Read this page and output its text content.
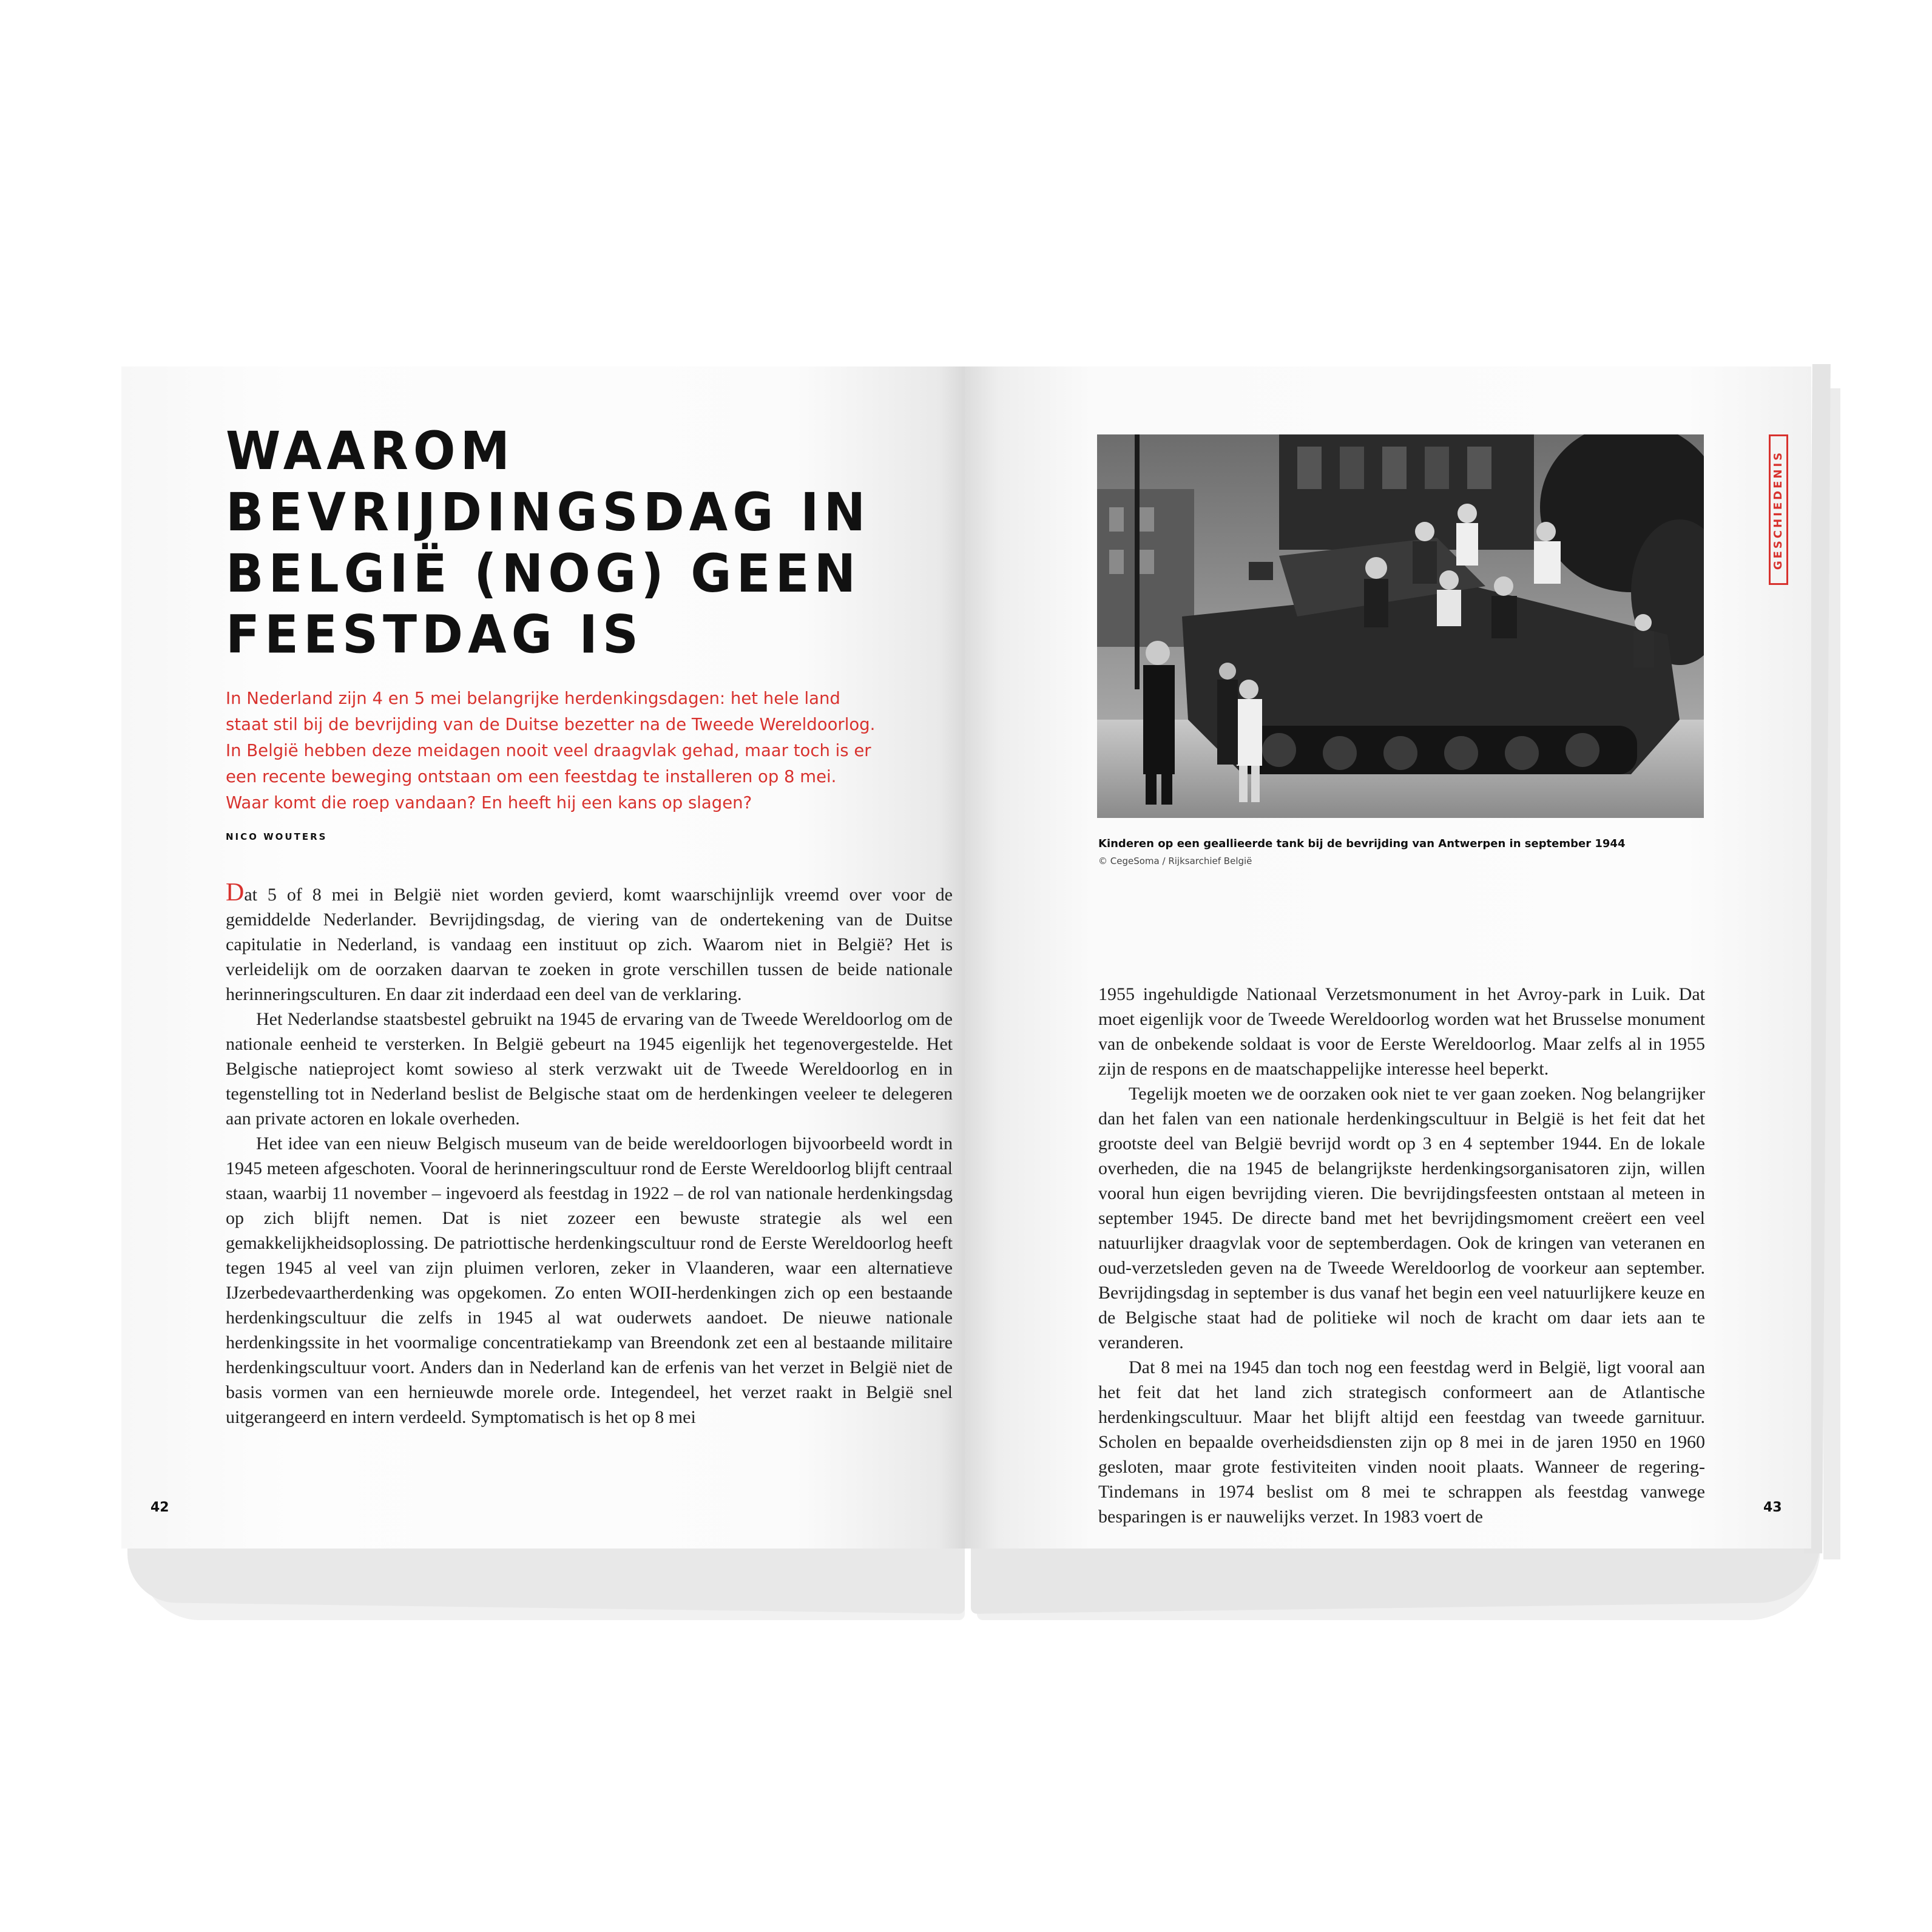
WAAROM
BEVRIJDINGSDAG IN
BELGIË (NOG) GEEN
FEESTDAG IS
In Nederland zijn 4 en 5 mei belangrijke herdenkingsdagen: het hele land
staat stil bij de bevrijding van de Duitse bezetter na de Tweede Wereldoorlog.
In België hebben deze meidagen nooit veel draagvlak gehad, maar toch is er
een recente beweging ontstaan om een feestdag te installeren op 8 mei.
Waar komt die roep vandaan? En heeft hij een kans op slagen?
NICO WOUTERS

Dat 5 of 8 mei in België niet worden gevierd, komt waarschijnlijk vreemd over voor de gemiddelde Nederlander. Bevrijdingsdag, de viering van de ondertekening van de Duitse capitulatie in Nederland, is vandaag een instituut op zich. Waarom niet in België? Het is verleidelijk om de oorzaken daarvan te zoeken in grote verschillen tussen de beide nationale herinneringsculturen. En daar zit inderdaad een deel van de verklaring.

Het Nederlandse staatsbestel gebruikt na 1945 de ervaring van de Tweede Wereldoorlog om de nationale eenheid te versterken. In België gebeurt na 1945 eigenlijk het tegenovergestelde. Het Belgische natieproject komt sowieso al sterk verzwakt uit de Tweede Wereldoorlog en in tegenstelling tot in Nederland beslist de Belgische staat om de herdenkingen veeleer te delegeren aan private actoren en lokale overheden.

Het idee van een nieuw Belgisch museum van de beide wereldoorlogen bijvoorbeeld wordt in 1945 meteen afgeschoten. Vooral de herinneringscultuur rond de Eerste Wereldoorlog blijft centraal staan, waarbij 11 november – ingevoerd als feestdag in 1922 – de rol van nationale herdenkingsdag op zich blijft nemen. Dat is niet zozeer een bewuste strategie als wel een gemakkelijkheidsoplossing. De patriottische herdenkingscultuur rond de Eerste Wereldoorlog heeft tegen 1945 al veel van zijn pluimen verloren, zeker in Vlaanderen, waar een alternatieve IJzerbedevaartherdenking was opgekomen. Zo enten WOII-herdenkingen zich op een bestaande herdenkingscultuur die zelfs in 1945 al wat ouderwets aandoet. De nieuwe nationale herdenkingssite in het voormalige concentratiekamp van Breendonk zet een al bestaande militaire herdenkingscultuur voort. Anders dan in Nederland kan de erfenis van het verzet in België niet de basis vormen van een hernieuwde morele orde. Integendeel, het verzet raakt in België snel uitgerangeerd en intern verdeeld. Symptomatisch is het op 8 mei

42
GESCHIEDENIS
Kinderen op een geallieerde tank bij de bevrijding van Antwerpen in september 1944
© CegeSoma / Rijksarchief België

1955 ingehuldigde Nationaal Verzetsmonument in het Avroy-park in Luik. Dat moet eigenlijk voor de Tweede Wereldoorlog worden wat het Brusselse monument van de onbekende soldaat is voor de Eerste Wereldoorlog. Maar zelfs al in 1955 zijn de respons en de maatschappelijke interesse heel beperkt.

Tegelijk moeten we de oorzaken ook niet te ver gaan zoeken. Nog belangrijker dan het falen van een nationale herdenkingscultuur in België is het feit dat het grootste deel van België bevrijd wordt op 3 en 4 september 1944. En de lokale overheden, die na 1945 de belangrijkste herdenkingsorganisatoren zijn, willen vooral hun eigen bevrijding vieren. Die bevrijdingsfeesten ontstaan al meteen in september 1945. De directe band met het bevrijdingsmoment creëert een veel natuurlijker draagvlak voor de septemberdagen. Ook de kringen van veteranen en oud-verzetsleden geven na de Tweede Wereldoorlog de voorkeur aan september. Bevrijdingsdag in september is dus vanaf het begin een veel natuurlijkere keuze en de Belgische staat had de politieke wil noch de kracht om daar iets aan te veranderen.

Dat 8 mei na 1945 dan toch nog een feestdag werd in België, ligt vooral aan het feit dat het land zich strategisch conformeert aan de Atlantische herdenkingscultuur. Maar het blijft altijd een feestdag van tweede garnituur. Scholen en bepaalde overheidsdiensten zijn op 8 mei in de jaren 1950 en 1960 gesloten, maar grote festiviteiten vinden nooit plaats. Wanneer de regering-Tindemans in 1974 beslist om 8 mei te schrappen als feestdag vanwege besparingen is er nauwelijks verzet. In 1983 voert de	43
